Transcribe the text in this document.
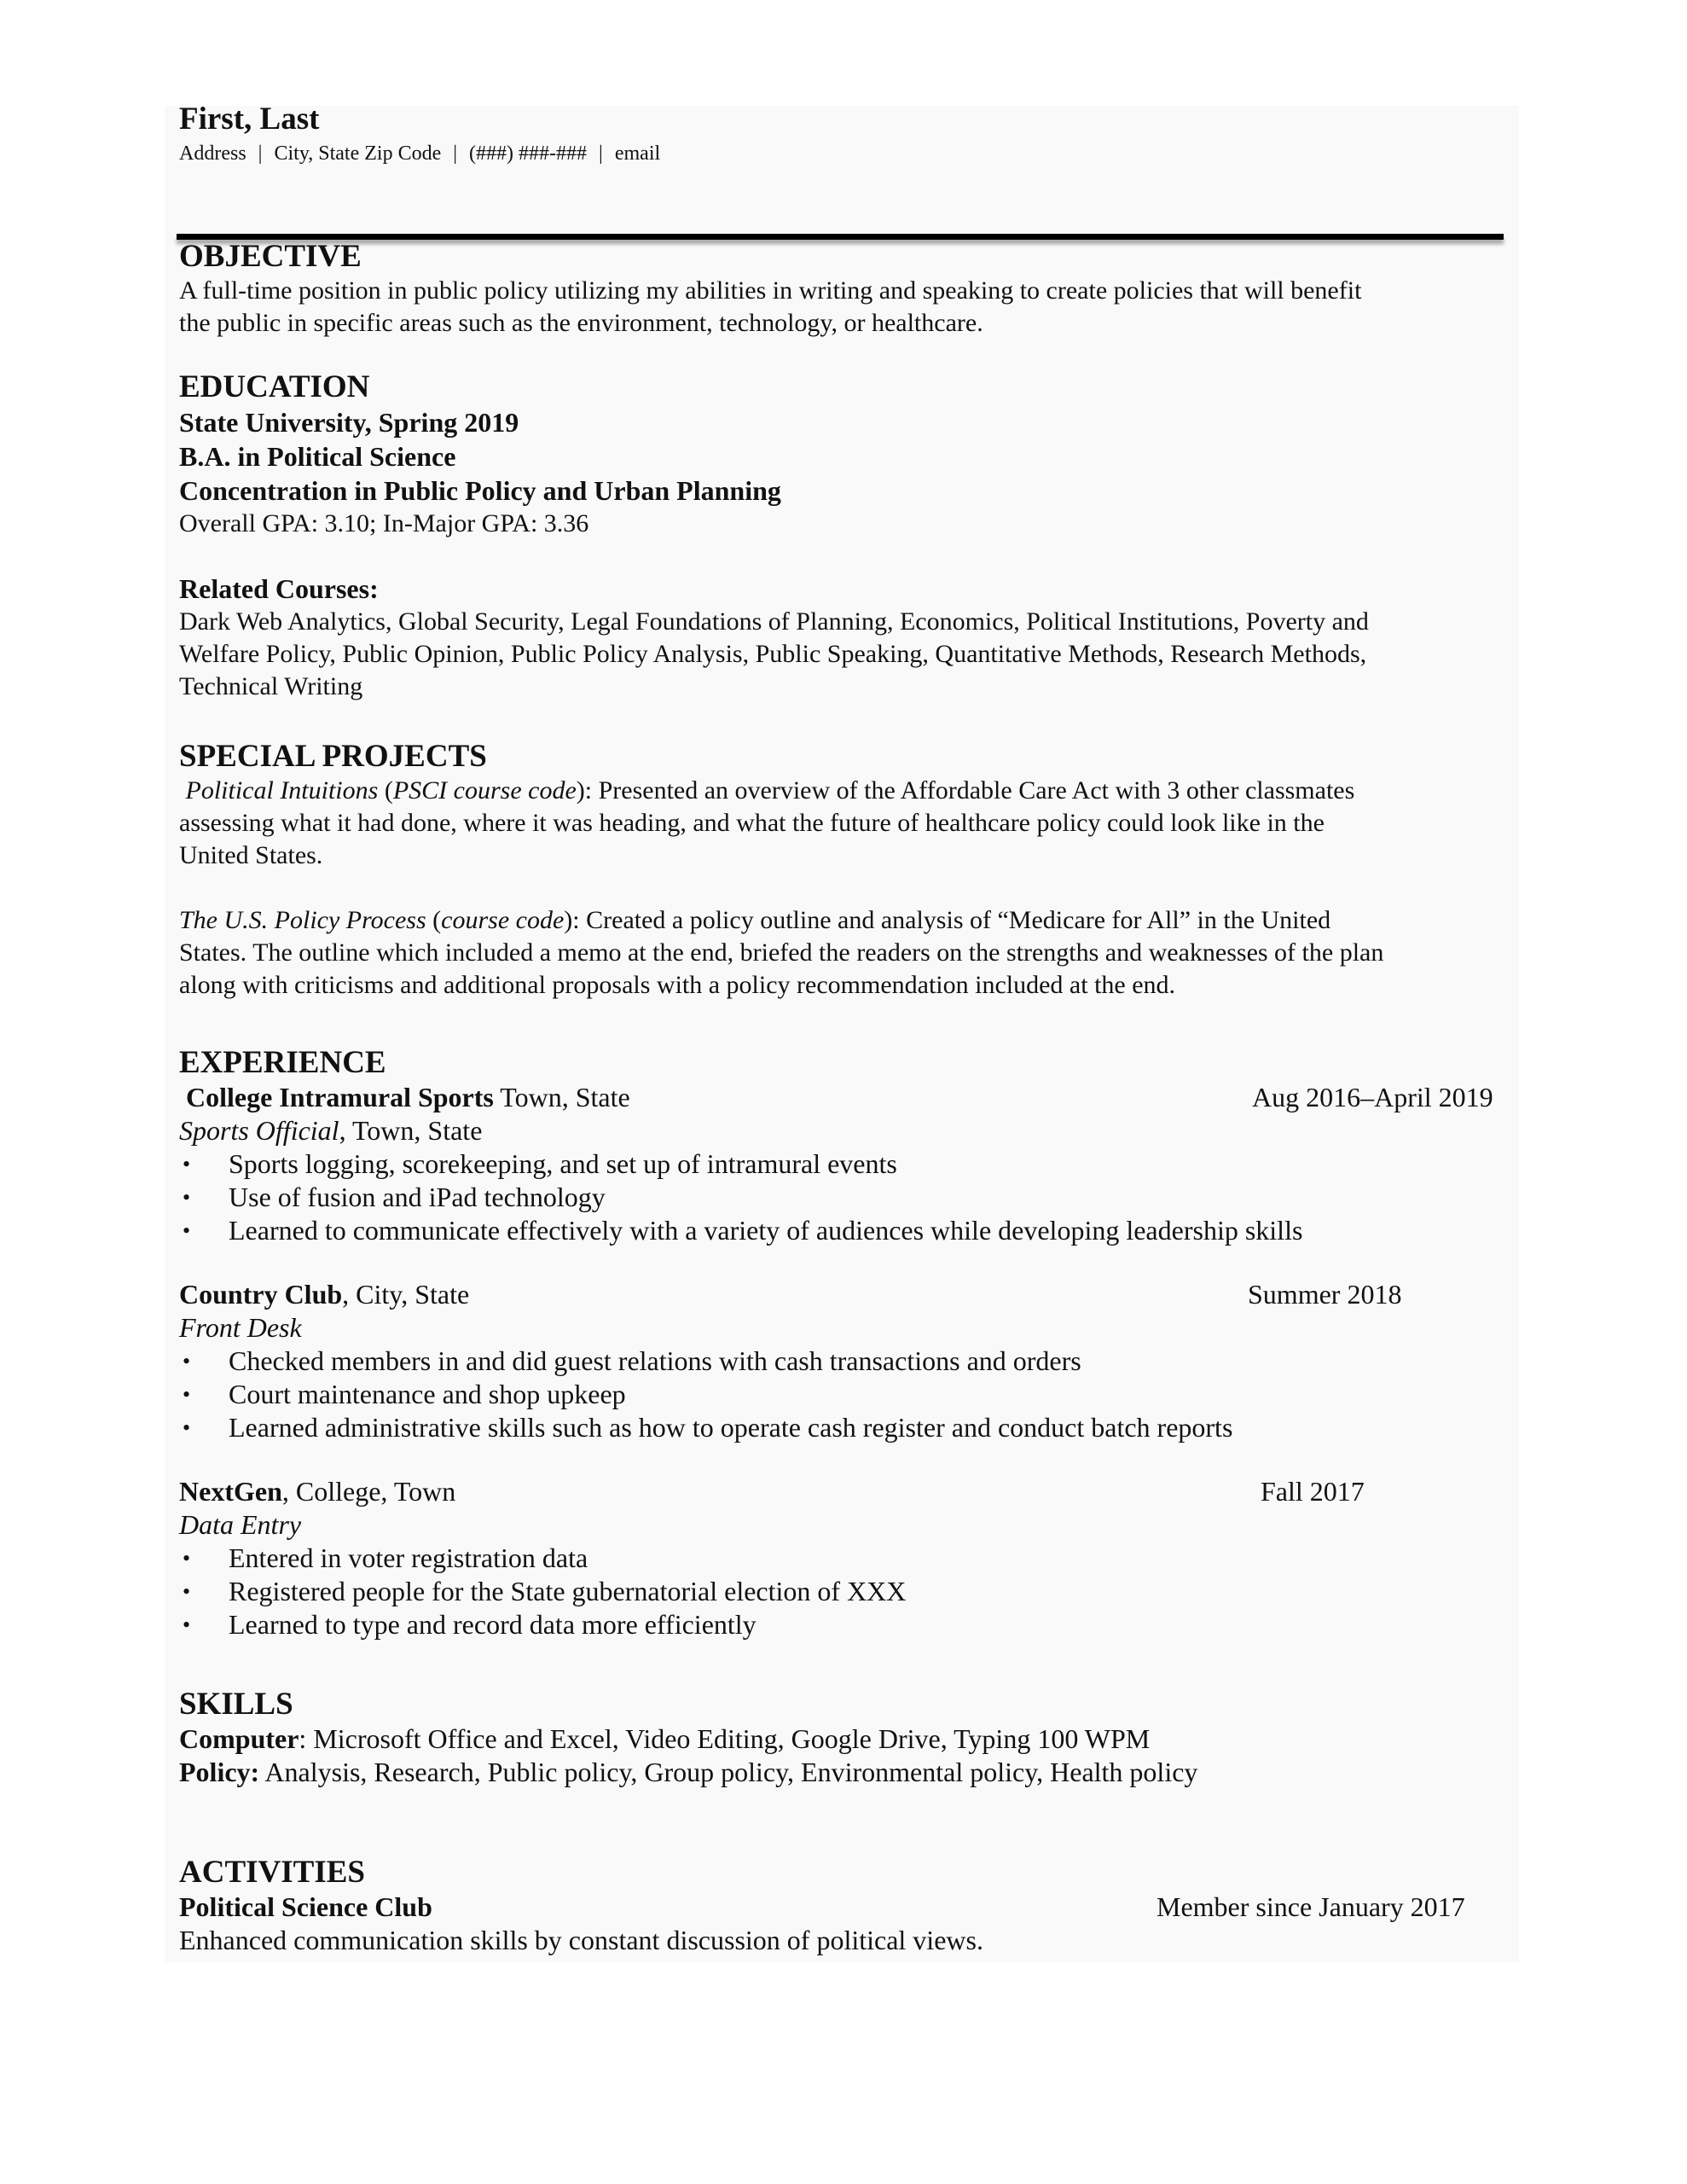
First, Last
Address | City, State Zip Code | (###) ###-### | email
OBJECTIVE
A full-time position in public policy utilizing my abilities in writing and speaking to create policies that will benefit
the public in specific areas such as the environment, technology, or healthcare.
EDUCATION
State University, Spring 2019
B.A. in Political Science
Concentration in Public Policy and Urban Planning
Overall GPA: 3.10; In-Major GPA: 3.36
Related Courses:
Dark Web Analytics, Global Security, Legal Foundations of Planning, Economics, Political Institutions, Poverty and
Welfare Policy, Public Opinion, Public Policy Analysis, Public Speaking, Quantitative Methods, Research Methods,
Technical Writing
SPECIAL PROJECTS
Political Intuitions (PSCI course code): Presented an overview of the Affordable Care Act with 3 other classmates
assessing what it had done, where it was heading, and what the future of healthcare policy could look like in the
United States.
The U.S. Policy Process (course code): Created a policy outline and analysis of “Medicare for All” in the United
States. The outline which included a memo at the end, briefed the readers on the strengths and weaknesses of the plan
along with criticisms and additional proposals with a policy recommendation included at the end.
EXPERIENCE
College Intramural Sports Town, State	Aug 2016–April 2019
Sports Official, Town, State
• Sports logging, scorekeeping, and set up of intramural events
• Use of fusion and iPad technology
• Learned to communicate effectively with a variety of audiences while developing leadership skills
Country Club, City, State	Summer 2018
Front Desk
• Checked members in and did guest relations with cash transactions and orders
• Court maintenance and shop upkeep
• Learned administrative skills such as how to operate cash register and conduct batch reports
NextGen, College, Town	Fall 2017
Data Entry
• Entered in voter registration data
• Registered people for the State gubernatorial election of XXX
• Learned to type and record data more efficiently
SKILLS
Computer: Microsoft Office and Excel, Video Editing, Google Drive, Typing 100 WPM
Policy: Analysis, Research, Public policy, Group policy, Environmental policy, Health policy
ACTIVITIES
Political Science Club	Member since January 2017
Enhanced communication skills by constant discussion of political views.
